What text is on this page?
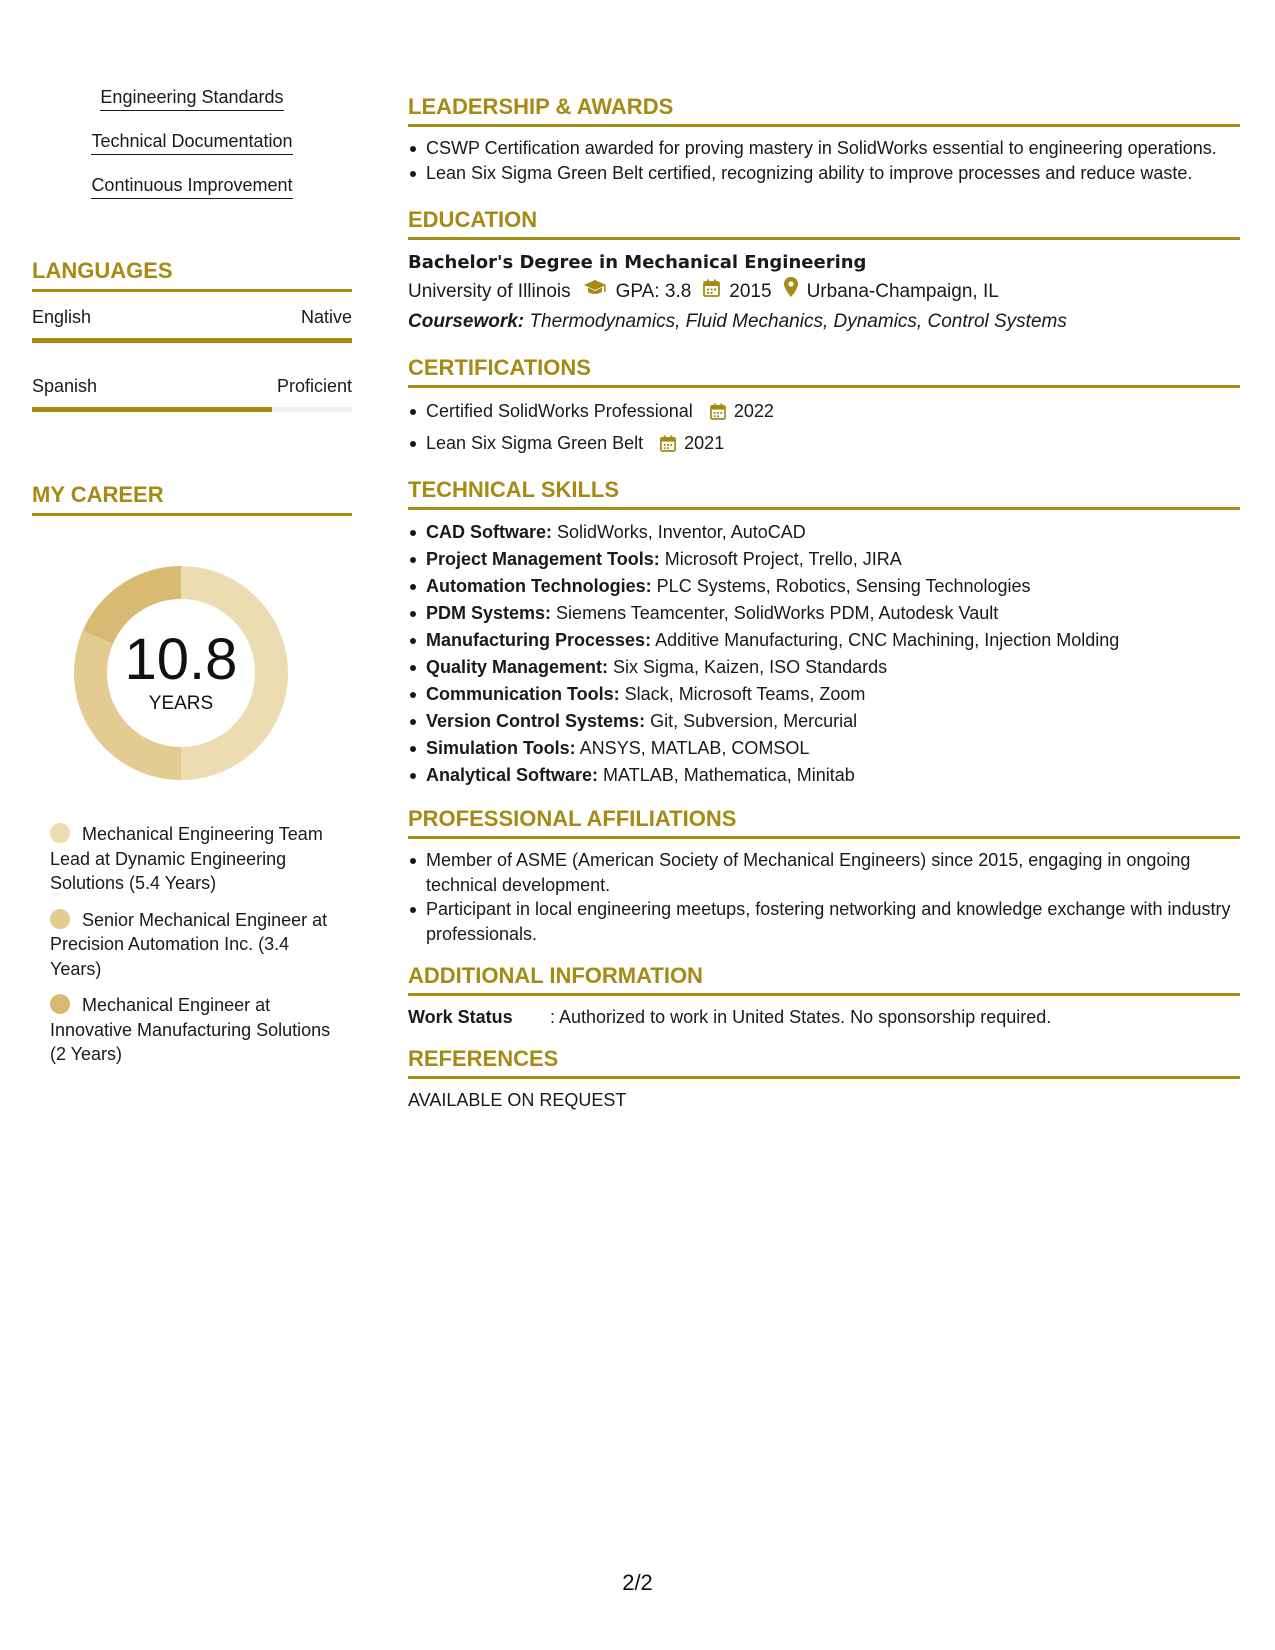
Engineering Standards
Technical Documentation
Continuous Improvement
LANGUAGES
English	Native
Spanish	Proficient
MY CAREER
10.8
YEARS
Mechanical Engineering Team Lead at Dynamic Engineering Solutions (5.4 Years)
Senior Mechanical Engineer at Precision Automation Inc. (3.4 Years)
Mechanical Engineer at Innovative Manufacturing Solutions (2 Years)
LEADERSHIP & AWARDS
CSWP Certification awarded for proving mastery in SolidWorks essential to engineering operations.
Lean Six Sigma Green Belt certified, recognizing ability to improve processes and reduce waste.
EDUCATION
Bachelor's Degree in Mechanical Engineering
University of Illinois GPA: 3.8 2015 Urbana-Champaign, IL
Coursework: Thermodynamics, Fluid Mechanics, Dynamics, Control Systems
CERTIFICATIONS
Certified SolidWorks Professional 2022
Lean Six Sigma Green Belt 2021
TECHNICAL SKILLS
CAD Software: SolidWorks, Inventor, AutoCAD
Project Management Tools: Microsoft Project, Trello, JIRA
Automation Technologies: PLC Systems, Robotics, Sensing Technologies
PDM Systems: Siemens Teamcenter, SolidWorks PDM, Autodesk Vault
Manufacturing Processes: Additive Manufacturing, CNC Machining, Injection Molding
Quality Management: Six Sigma, Kaizen, ISO Standards
Communication Tools: Slack, Microsoft Teams, Zoom
Version Control Systems: Git, Subversion, Mercurial
Simulation Tools: ANSYS, MATLAB, COMSOL
Analytical Software: MATLAB, Mathematica, Minitab
PROFESSIONAL AFFILIATIONS
Member of ASME (American Society of Mechanical Engineers) since 2015, engaging in ongoing technical development.
Participant in local engineering meetups, fostering networking and knowledge exchange with industry professionals.
ADDITIONAL INFORMATION
Work Status	: Authorized to work in United States. No sponsorship required.
REFERENCES
AVAILABLE ON REQUEST
2/2
